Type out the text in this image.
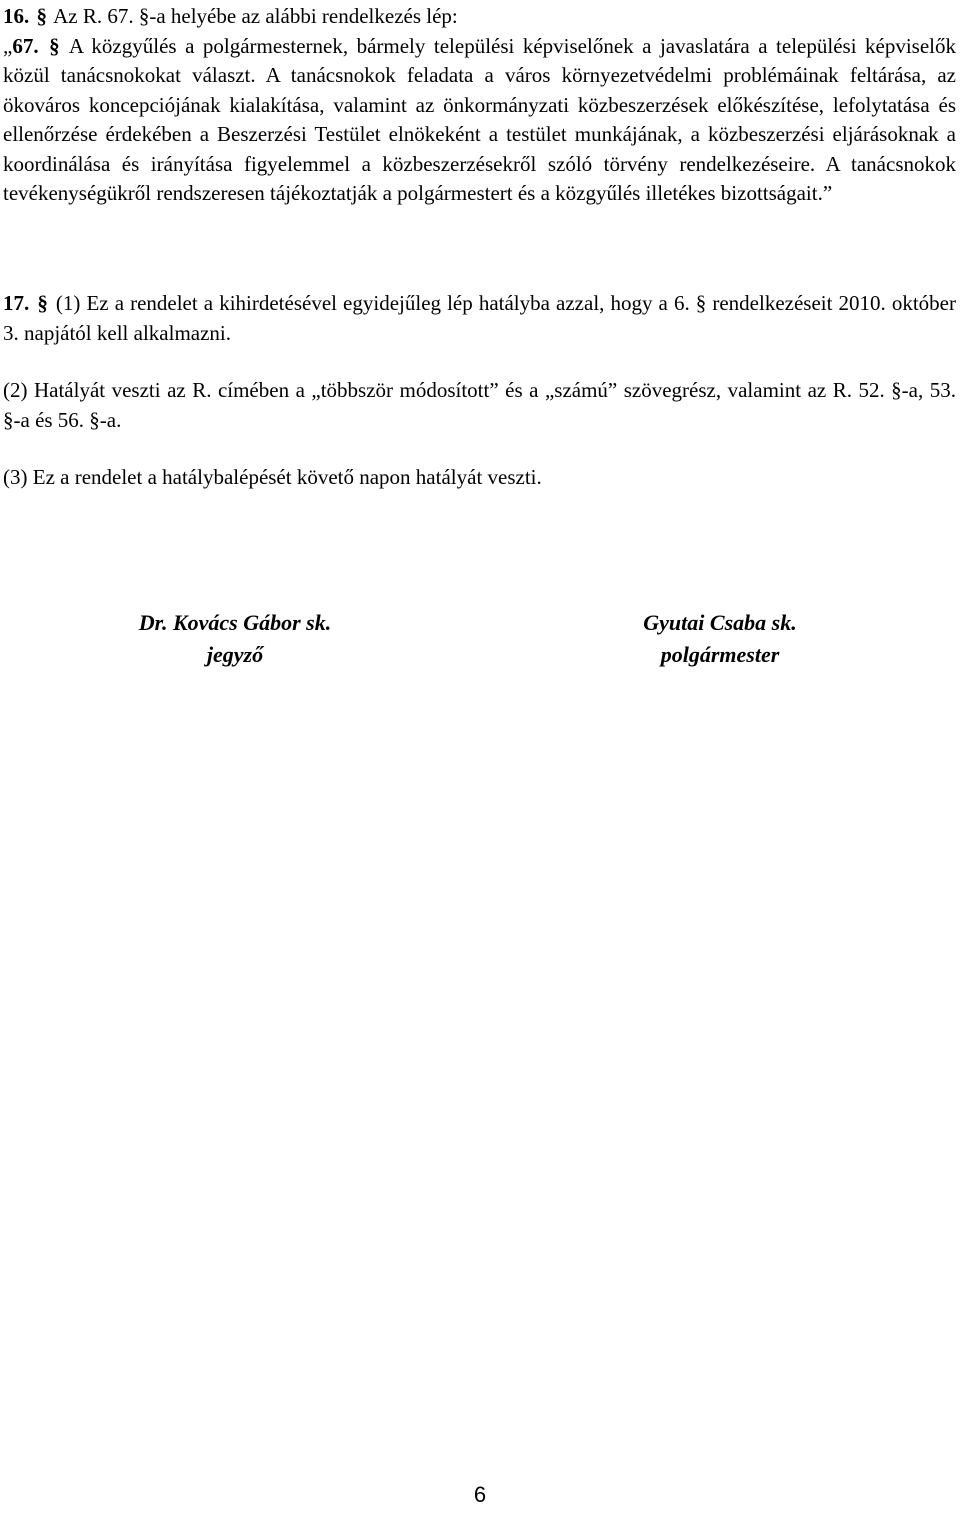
16. § Az R. 67. §-a helyébe az alábbi rendelkezés lép:

„67. § A közgyűlés a polgármesternek, bármely települési képviselőnek a javaslatára a települési képviselők közül tanácsnokokat választ. A tanácsnokok feladata a város környezetvédelmi problémáinak feltárása, az ökováros koncepciójának kialakítása, valamint az önkormányzati közbeszerzések előkészítése, lefolytatása és ellenőrzése érdekében a Beszerzési Testület elnökeként a testület munkájának, a közbeszerzési eljárásoknak a koordinálása és irányítása figyelemmel a közbeszerzésekről szóló törvény rendelkezéseire. A tanácsnokok tevékenységükről rendszeresen tájékoztatják a polgármestert és a közgyűlés illetékes bizottságait.”

17. § (1) Ez a rendelet a kihirdetésével egyidejűleg lép hatályba azzal, hogy a 6. § rendelkezéseit 2010. október 3. napjától kell alkalmazni.

(2) Hatályát veszti az R. címében a „többször módosított” és a „számú” szövegrész, valamint az R. 52. §-a, 53. §-a és 56. §-a.

(3) Ez a rendelet a hatálybalépését követő napon hatályát veszti.

Dr. Kovács Gábor sk.
jegyző
Gyutai Csaba sk.
polgármester
6
